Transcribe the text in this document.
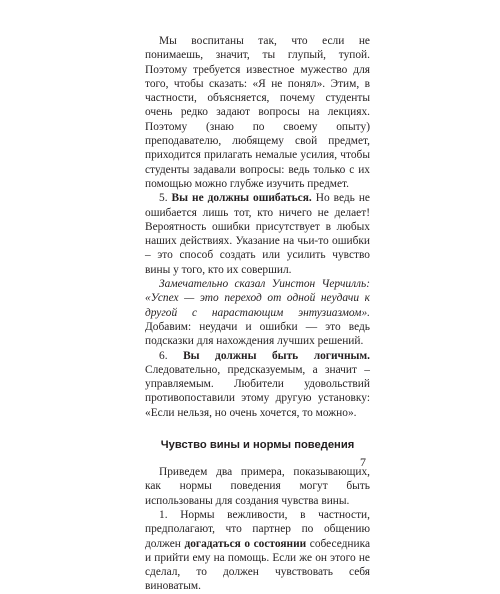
Мы воспитаны так, что если не понимаешь, значит, ты глупый, тупой. Поэтому требуется известное мужество для того, чтобы сказать: «Я не понял». Этим, в частности, объясняется, почему студенты очень редко задают вопросы на лекциях. Поэтому (знаю по своему опыту) преподавателю, любящему свой предмет, приходится прилагать немалые усилия, чтобы студенты задавали вопросы: ведь только с их помощью можно глубже изучить предмет.

5. Вы не должны ошибаться. Но ведь не ошибается лишь тот, кто ничего не делает! Вероятность ошибки присутствует в любых наших действиях. Указание на чьи-то ошибки – это способ создать или усилить чувство вины у того, кто их совершил.

Замечательно сказал Уинстон Черчилль: «Успех — это переход от одной неудачи к другой с нарастающим энтузиазмом». Добавим: неудачи и ошибки — это ведь подсказки для нахождения лучших решений.

6. Вы должны быть логичным. Следовательно, предсказуемым, а значит – управляемым. Любители удовольствий противопоставили этому другую установку: «Если нельзя, но очень хочется, то можно».

Чувство вины и нормы поведения

Приведем два примера, показывающих, как нормы поведения могут быть использованы для создания чувства вины.

1. Нормы вежливости, в частности, предполагают, что партнер по общению должен догадаться о состоянии собеседника и прийти ему на помощь. Если же он этого не сделал, то должен чувствовать себя виноватым.

7
